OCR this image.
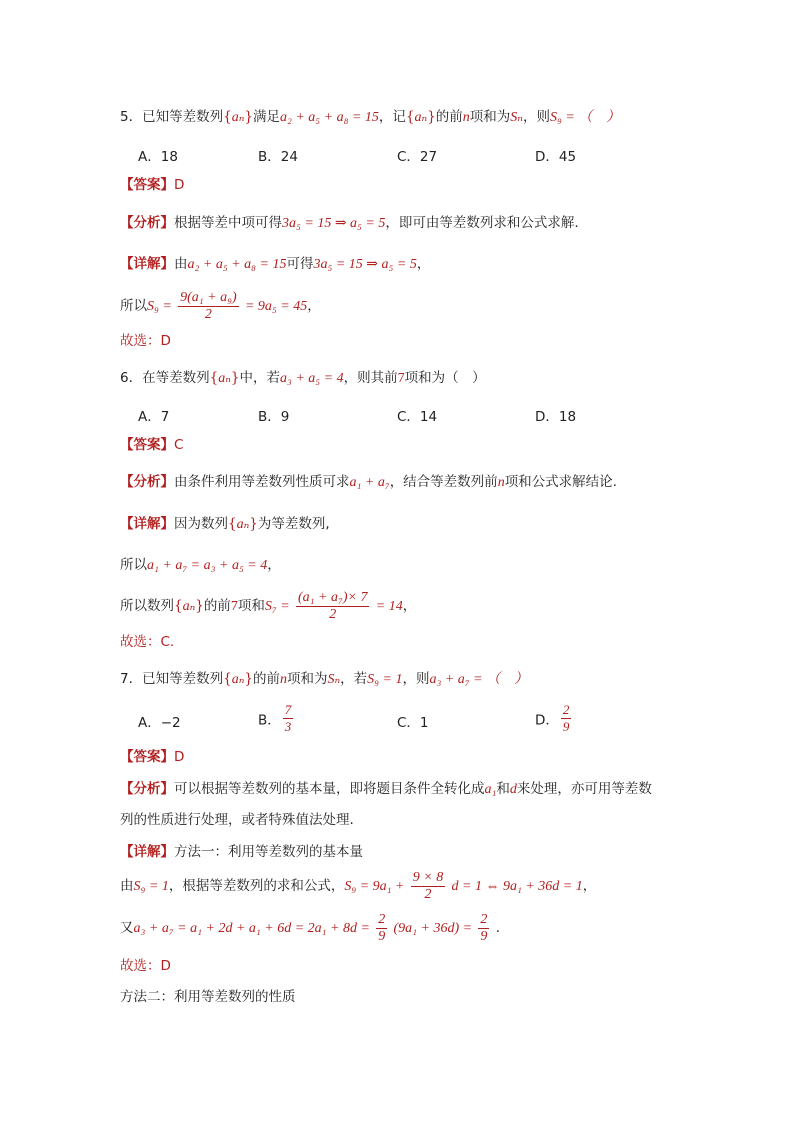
5．已知等差数列{aₙ}满足a₂ + a₅ + a₈ = 15，记{aₙ}的前n项和为Sₙ，则S₉ = （　）
A．18	B．24	C．27	D．45
【答案】D
【分析】根据等差中项可得3a₅ = 15 ⇒ a₅ = 5，即可由等差数列求和公式求解.
【详解】由a₂ + a₅ + a₈ = 15可得3a₅ = 15 ⇒ a₅ = 5，
所以$S_9 = \frac{\text{9(a₁ + a₉)}}{2} = 9a_5 = 45$，
故选：D
6．在等差数列{aₙ}中，若a₃ + a₅ = 4，则其前7项和为（　）
A．7	B．9	C．14	D．18
【答案】C
【分析】由条件利用等差数列性质可求a₁ + a₇，结合等差数列前n项和公式求解结论.
【详解】因为数列{aₙ}为等差数列,
所以a₁ + a₇ = a₃ + a₅ = 4，
所以数列{aₙ}的前7项和$S_7 = \frac{\text{(a₁ + a₇)× 7}}{2} = 14$，
故选：C.
7．已知等差数列{aₙ}的前n项和为Sₙ，若S₉ = 1，则a₃ + a₇ = （　）
A．−2	B． $\frac{7}{3}$	C．1	D． $\frac{2}{9}$
【答案】D
【分析】可以根据等差数列的基本量，即将题目条件全转化成a₁和d来处理，亦可用等差数
列的性质进行处理，或者特殊值法处理.
【详解】方法一：利用等差数列的基本量
由S₉ = 1，根据等差数列的求和公式，$S_9 = 9a_1 + \frac{9 \times 8}{2}$ d = 1 ⇔ 9a₁ + 36d = 1，
又$a_3 + a_7 = a_1 + 2d + a_1 + 6d = 2a_1 + 8d = \frac{2}{9} (9a_1 + 36d) = \frac{2}{9}$ .
故选：D
方法二：利用等差数列的性质
